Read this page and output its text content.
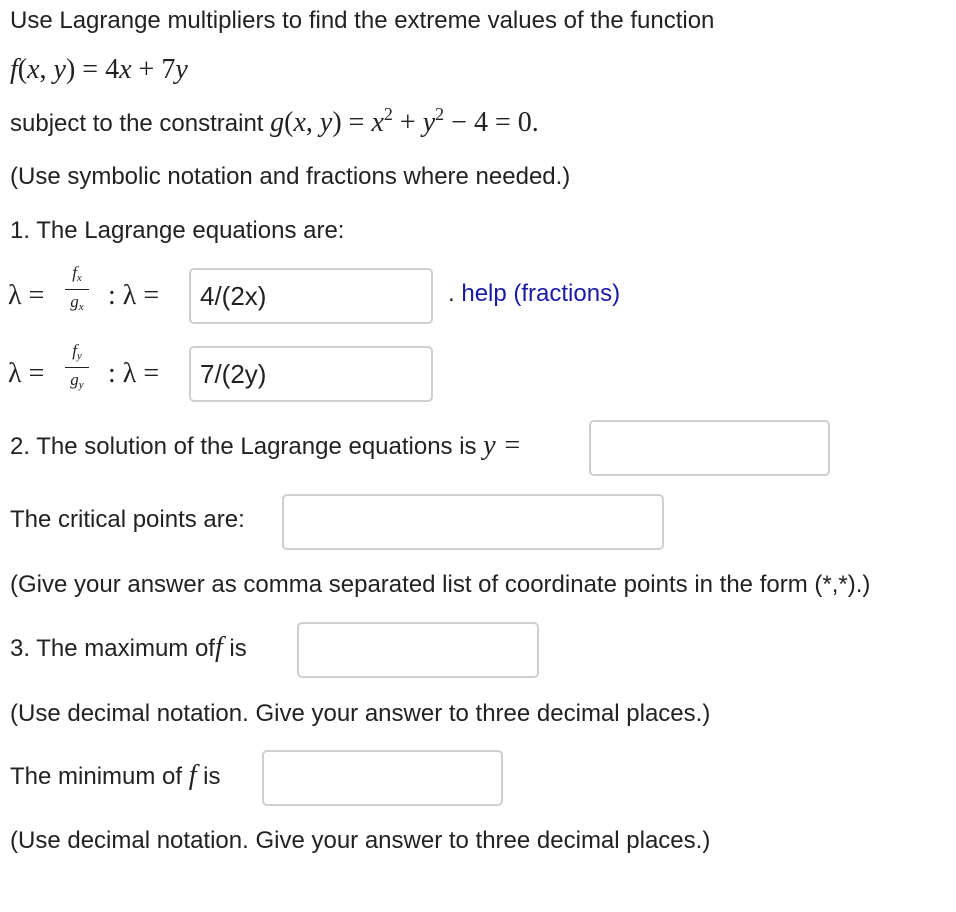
Use Lagrange multipliers to find the extreme values of the function
f(x, y) = 4x + 7y
subject to the constraint g(x, $y) = x^2 + y^2 - 4 = 0$.
(Use symbolic notation and fractions where needed.)
1. The Lagrange equations are:
λ =
$f_x$
$g_x$ : λ =
4/(2x)	. help (fractions)
λ =
$f_y$
$g_y$ : λ =
7/(2y)
2. The solution of the Lagrange equations is y =
The critical points are:
(Give your answer as comma separated list of coordinate points in the form (*,*).)
3. The maximum off is
(Use decimal notation. Give your answer to three decimal places.)
The minimum of f is
(Use decimal notation. Give your answer to three decimal places.)
